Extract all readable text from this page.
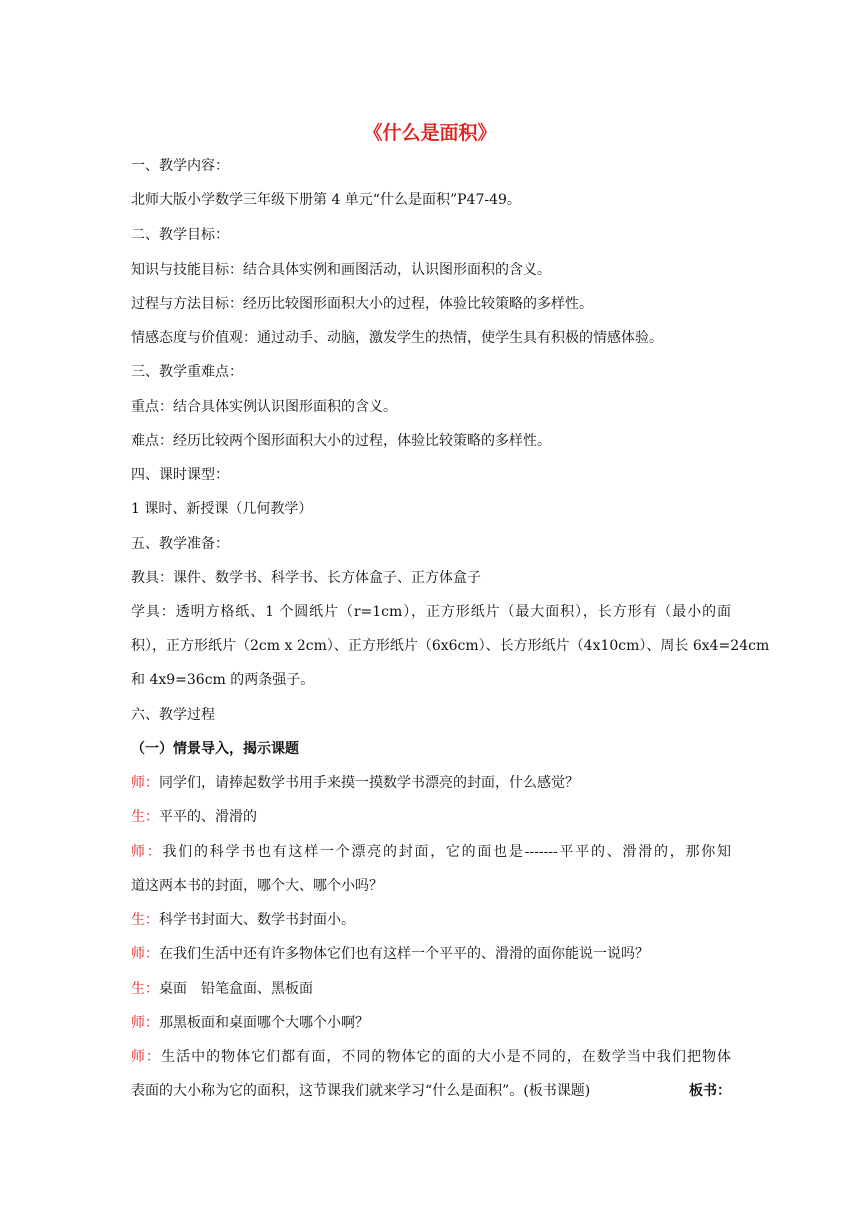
《什么是面积》
一、教学内容：
北师大版小学数学三年级下册第 4 单元“什么是面积”P47-49。
二、教学目标：
知识与技能目标：结合具体实例和画图活动，认识图形面积的含义。
过程与方法目标：经历比较图形面积大小的过程，体验比较策略的多样性。
情感态度与价值观：通过动手、动脑，激发学生的热情，使学生具有积极的情感体验。
三、教学重难点：
重点：结合具体实例认识图形面积的含义。
难点：经历比较两个图形面积大小的过程，体验比较策略的多样性。
四、课时课型：
1 课时、新授课（几何教学）
五、教学准备：
教具：课件、数学书、科学书、长方体盒子、正方体盒子
学具：透明方格纸、1 个圆纸片（r=1cm），正方形纸片（最大面积），长方形有（最小的面
积），正方形纸片（2cm x 2cm）、正方形纸片（6x6cm）、长方形纸片（4x10cm）、周长 6x4=24cm
和 4x9=36cm 的两条强子。
六、教学过程
（一）情景导入，揭示课题
师：同学们，请捧起数学书用手来摸一摸数学书漂亮的封面，什么感觉？
生：平平的、滑滑的
师：我们的科学书也有这样一个漂亮的封面，它的面也是-------平平的、滑滑的，那你知
道这两本书的封面，哪个大、哪个小吗？
生：科学书封面大、数学书封面小。
师：在我们生活中还有许多物体它们也有这样一个平平的、滑滑的面你能说一说吗？
生：桌面　铅笔盒面、黑板面
师：那黑板面和桌面哪个大哪个小啊？
师：生活中的物体它们都有面，不同的物体它的面的大小是不同的，在数学当中我们把物体
表面的大小称为它的面积，这节课我们就来学习“什么是面积”。(板书课题)	板书：
